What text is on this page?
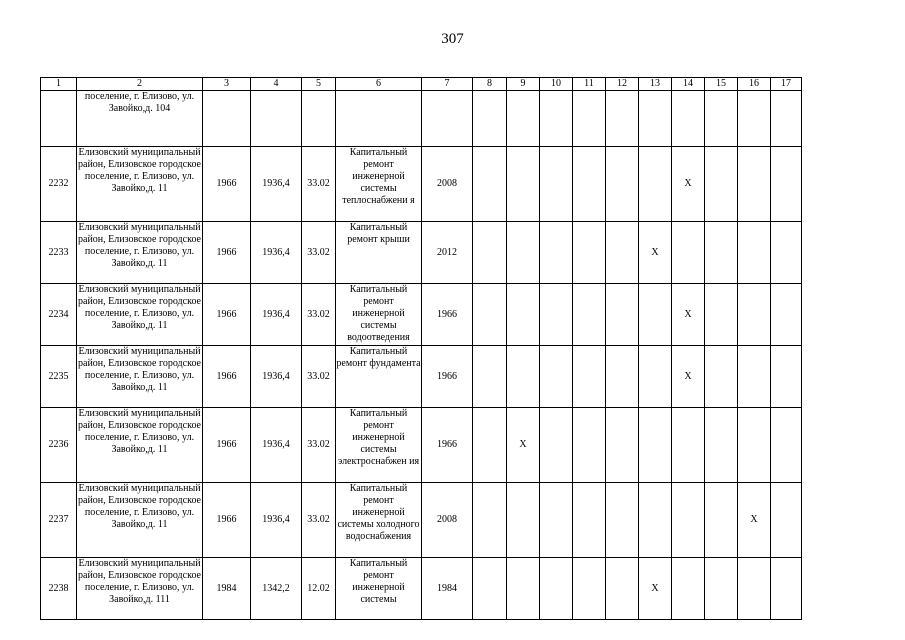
307
1	2	3	4	5	6	7	8	9	10	11	12	13	14	15	16	17
	поселение, г. Елизово, ул. Завойко,д. 104															
2232	Елизовский муниципальный район, Елизовское городское поселение, г. Елизово, ул. Завойко,д. 11	1966	1936,4	33.02	Капитальный ремонт инженерной системы теплоснабжени я	2008							X			
2233	Елизовский муниципальный район, Елизовское городское поселение, г. Елизово, ул. Завойко,д. 11	1966	1936,4	33.02	Капитальный ремонт крыши	2012						X				
2234	Елизовский муниципальный район, Елизовское городское поселение, г. Елизово, ул. Завойко,д. 11	1966	1936,4	33.02	Капитальный ремонт инженерной системы водоотведения	1966							X			
2235	Елизовский муниципальный район, Елизовское городское поселение, г. Елизово, ул. Завойко,д. 11	1966	1936,4	33.02	Капитальный ремонт фундамента	1966							X			
2236	Елизовский муниципальный район, Елизовское городское поселение, г. Елизово, ул. Завойко,д. 11	1966	1936,4	33.02	Капитальный ремонт инженерной системы электроснабжен ия	1966		X								
2237	Елизовский муниципальный район, Елизовское городское поселение, г. Елизово, ул. Завойко,д. 11	1966	1936,4	33.02	Капитальный ремонт инженерной системы холодного водоснабжения	2008									X	
2238	Елизовский муниципальный район, Елизовское городское поселение, г. Елизово, ул. Завойко,д. 111	1984	1342,2	12.02	Капитальный ремонт инженерной системы	1984						X				
